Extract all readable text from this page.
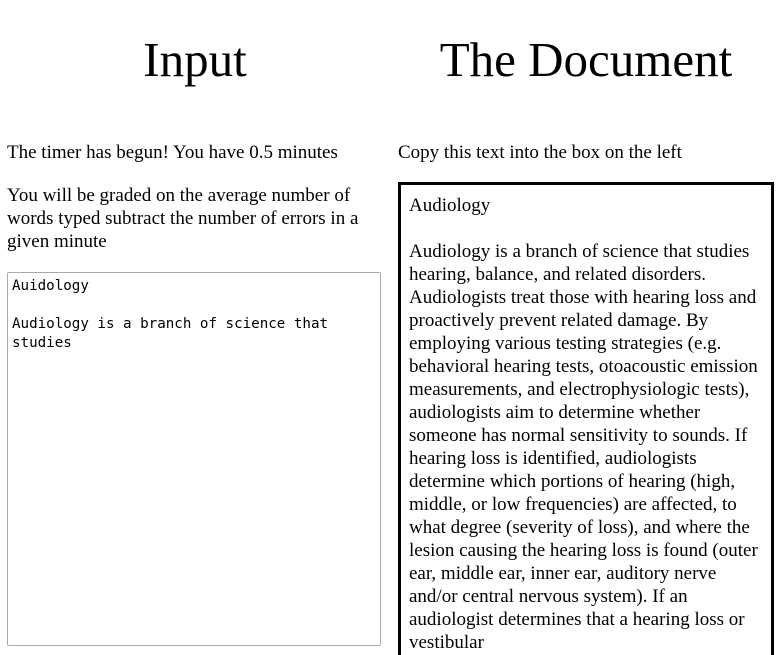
Input

The timer has begun! You have 0.5 minutes

You will be graded on the average number of words typed subtract the number of errors in a given minute

Auidology Audiology is a branch of science that studies
The Document

Copy this text into the box on the left

Audiology

Audiology is a branch of science that studies hearing, balance, and related disorders. Audiologists treat those with hearing loss and proactively prevent related damage. By employing various testing strategies (e.g. behavioral hearing tests, otoacoustic emission measurements, and electrophysiologic tests), audiologists aim to determine whether someone has normal sensitivity to sounds. If hearing loss is identified, audiologists determine which portions of hearing (high, middle, or low frequencies) are affected, to what degree (severity of loss), and where the lesion causing the hearing loss is found (outer ear, middle ear, inner ear, auditory nerve and/or central nervous system). If an audiologist determines that a hearing loss or vestibular
